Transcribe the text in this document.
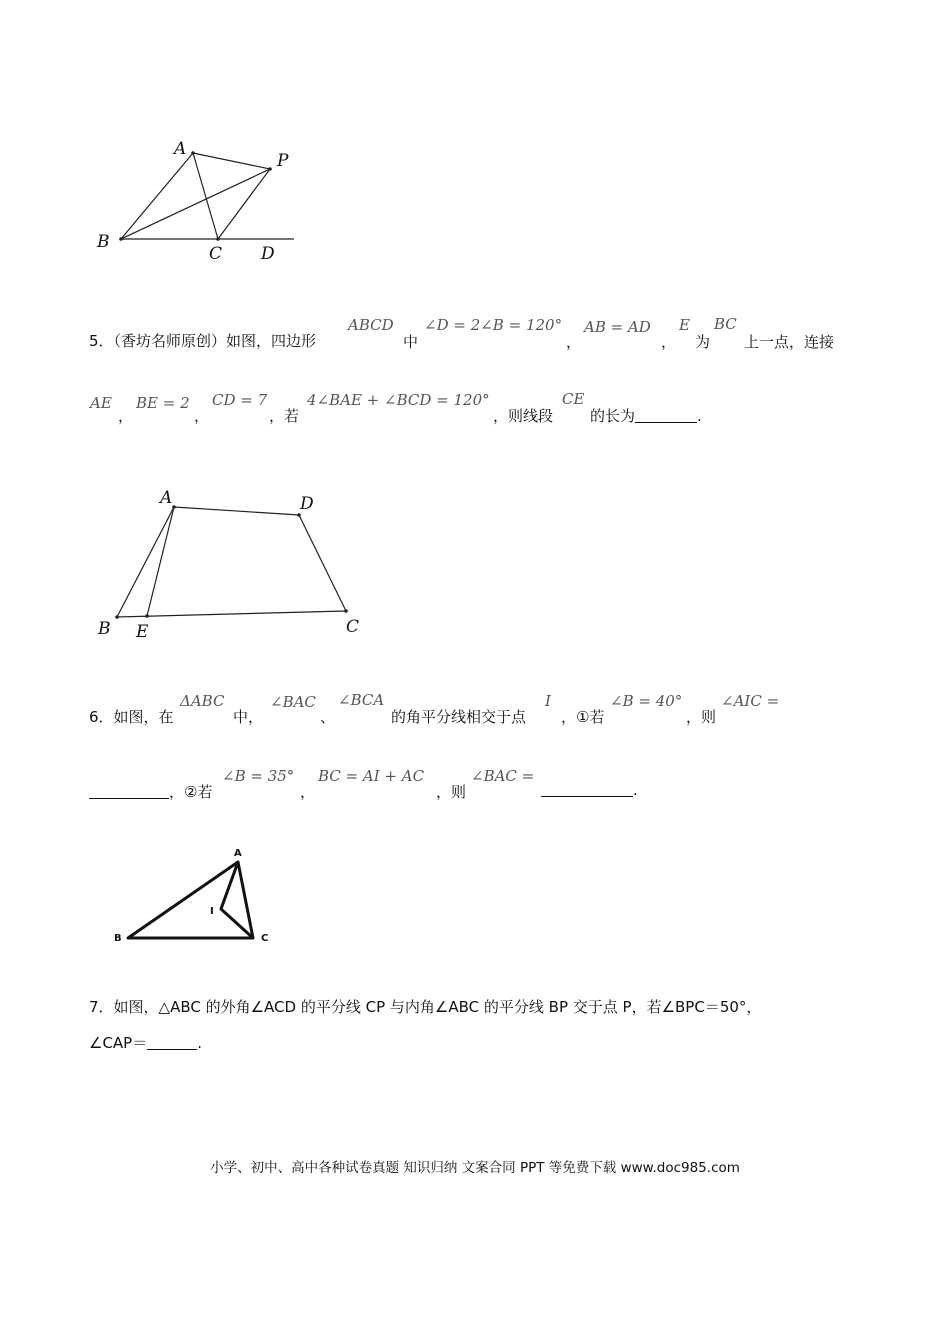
A
P
B
C D
5．（香坊名师原创）如图，四边形
ABCD
中
∠D = 2∠B = 120°
，
AB = AD
，
E
为
BC
上一点，连接
AE
，
BE = 2
，
CD = 7
，若
4∠BAE + ∠BCD = 120°
，则线段
CE
的长为	.
A	D
B E	C
6．如图，在
ΔABC
中，
∠BAC
、
∠BCA
的角平分线相交于点
I
，①若
∠B = 40°
，则
∠AIC =
，②若
∠B = 35°
，
BC = AI + AC
，则
∠BAC =
.
A
B	C
I
7．如图，△ABC 的外角∠ACD 的平分线 CP 与内角∠ABC 的平分线 BP 交于点 P，若∠BPC＝50°，
∠CAP＝	.
小学、初中、高中各种试卷真题 知识归纳 文案合同 PPT 等免费下载 www.doc985.com
